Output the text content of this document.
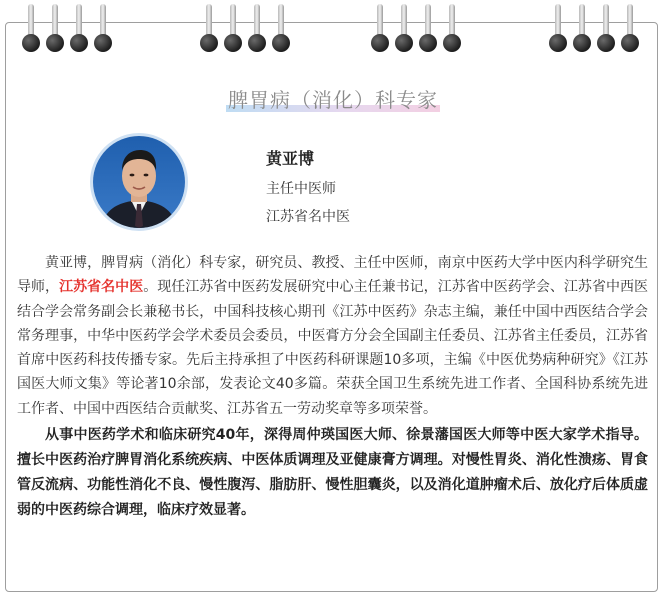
脾胃病（消化）科专家
黄亚博
主任中医师
江苏省名中医

黄亚博，脾胃病（消化）科专家，研究员、教授、主任中医师，南京中医药大学中医内科学研究生导师，江苏省名中医。现任江苏省中医药发展研究中心主任兼书记，江苏省中医药学会、江苏省中西医结合学会常务副会长兼秘书长，中国科技核心期刊《江苏中医药》杂志主编，兼任中国中西医结合学会常务理事，中华中医药学会学术委员会委员，中医膏方分会全国副主任委员、江苏省主任委员，江苏省首席中医药科技传播专家。先后主持承担了中医药科研课题10多项，主编《中医优势病种研究》《江苏国医大师文集》等论著10余部，发表论文40多篇。荣获全国卫生系统先进工作者、全国科协系统先进工作者、中国中西医结合贡献奖、江苏省五一劳动奖章等多项荣誉。

从事中医药学术和临床研究40年，深得周仲瑛国医大师、徐景藩国医大师等中医大家学术指导。擅长中医药治疗脾胃消化系统疾病、中医体质调理及亚健康膏方调理。对慢性胃炎、消化性溃疡、胃食管反流病、功能性消化不良、慢性腹泻、脂肪肝、慢性胆囊炎，以及消化道肿瘤术后、放化疗后体质虚弱的中医药综合调理，临床疗效显著。
